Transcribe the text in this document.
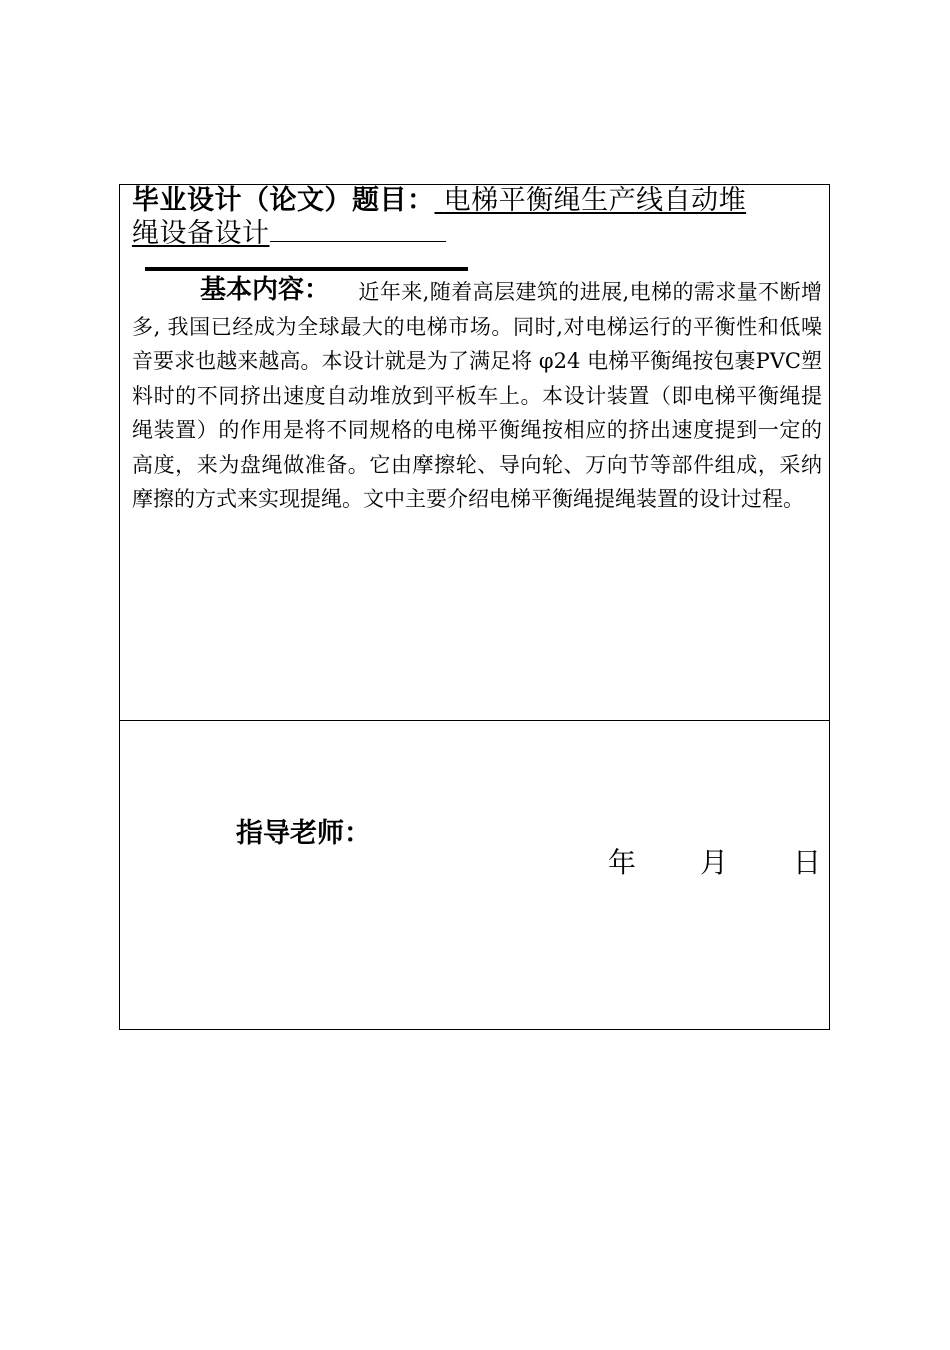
毕业设计（论文）题目： 电梯平衡绳生产线自动堆
绳设备设计
基本内容：	近年来,随着高层建筑的进展,电梯的需求量不断增多, 我国已经成为全球最大的电梯市场。同时,对电梯运行的平衡性和低噪音要求也越来越高。本设计就是为了满足将 φ24 电梯平衡绳按包裹PVC塑料时的不同挤出速度自动堆放到平板车上。本设计装置（即电梯平衡绳提绳装置）的作用是将不同规格的电梯平衡绳按相应的挤出速度提到一定的高度，来为盘绳做准备。它由摩擦轮、导向轮、万向节等部件组成，采纳摩擦的方式来实现提绳。文中主要介绍电梯平衡绳提绳装置的设计过程。
指导老师：
年 月 日
